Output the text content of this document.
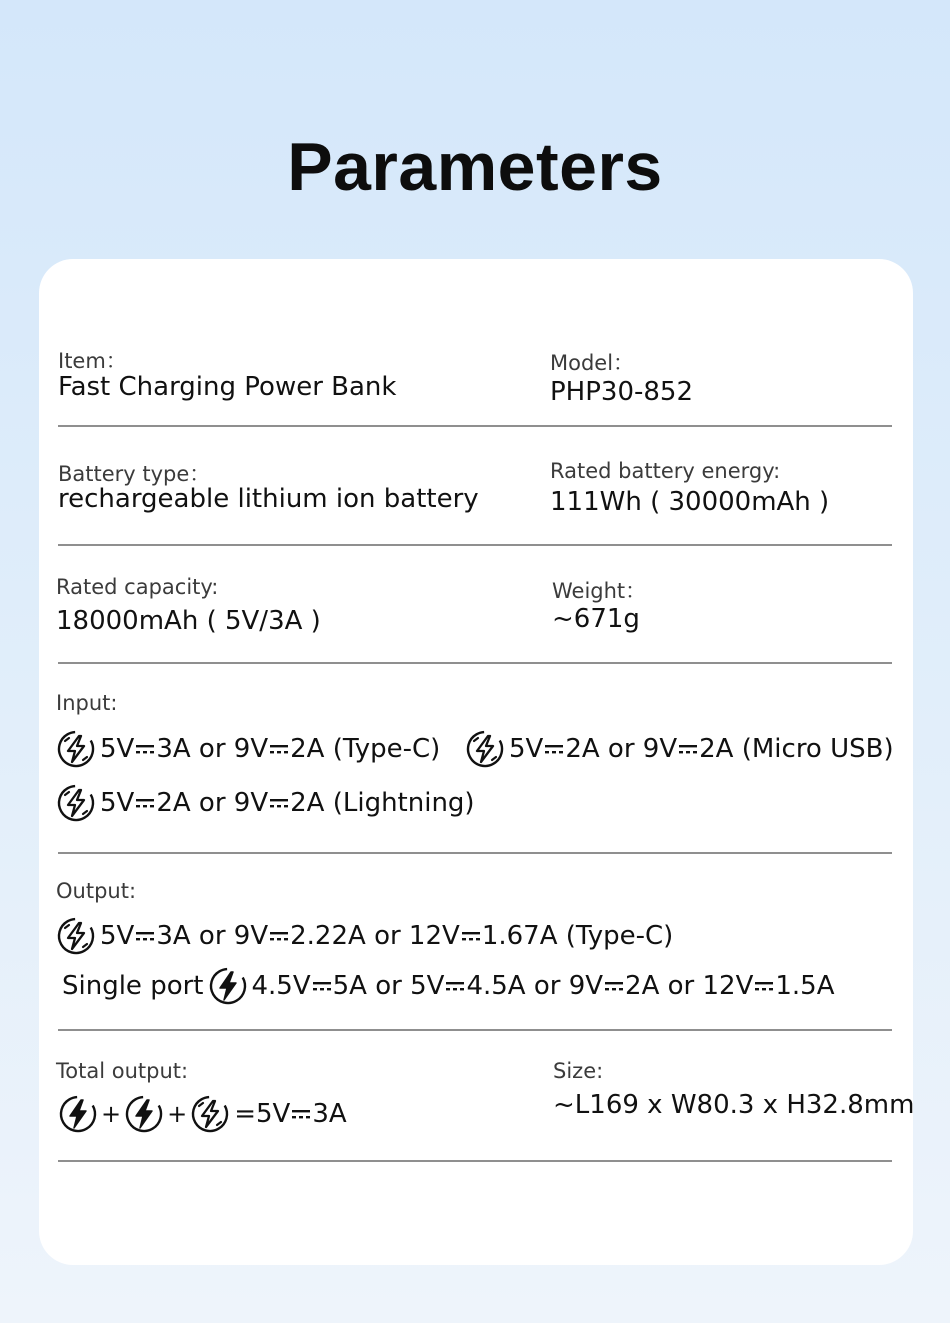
Parameters
Item：
Fast Charging Power Bank
Model：
PHP30-852
Battery type：
rechargeable lithium ion battery
Rated battery energy:
111Wh ( 30000mAh )
Rated capacity:
18000mAh ( 5V/3A )
Weight：
~671g
Input:
5V 3A or 9V 2A (Type-C)	5V 2A or 9V 2A (Micro USB)
5V 2A or 9V 2A (Lightning)
Output:
5V 3A or 9V 2.22A or 12V 1.67A (Type-C)
Single port 4.5V 5A or 5V 4.5A or 9V 2A or 12V 1.5A
Total output:
+ + =5V 3A
Size:
~L169 x W80.3 x H32.8mm
